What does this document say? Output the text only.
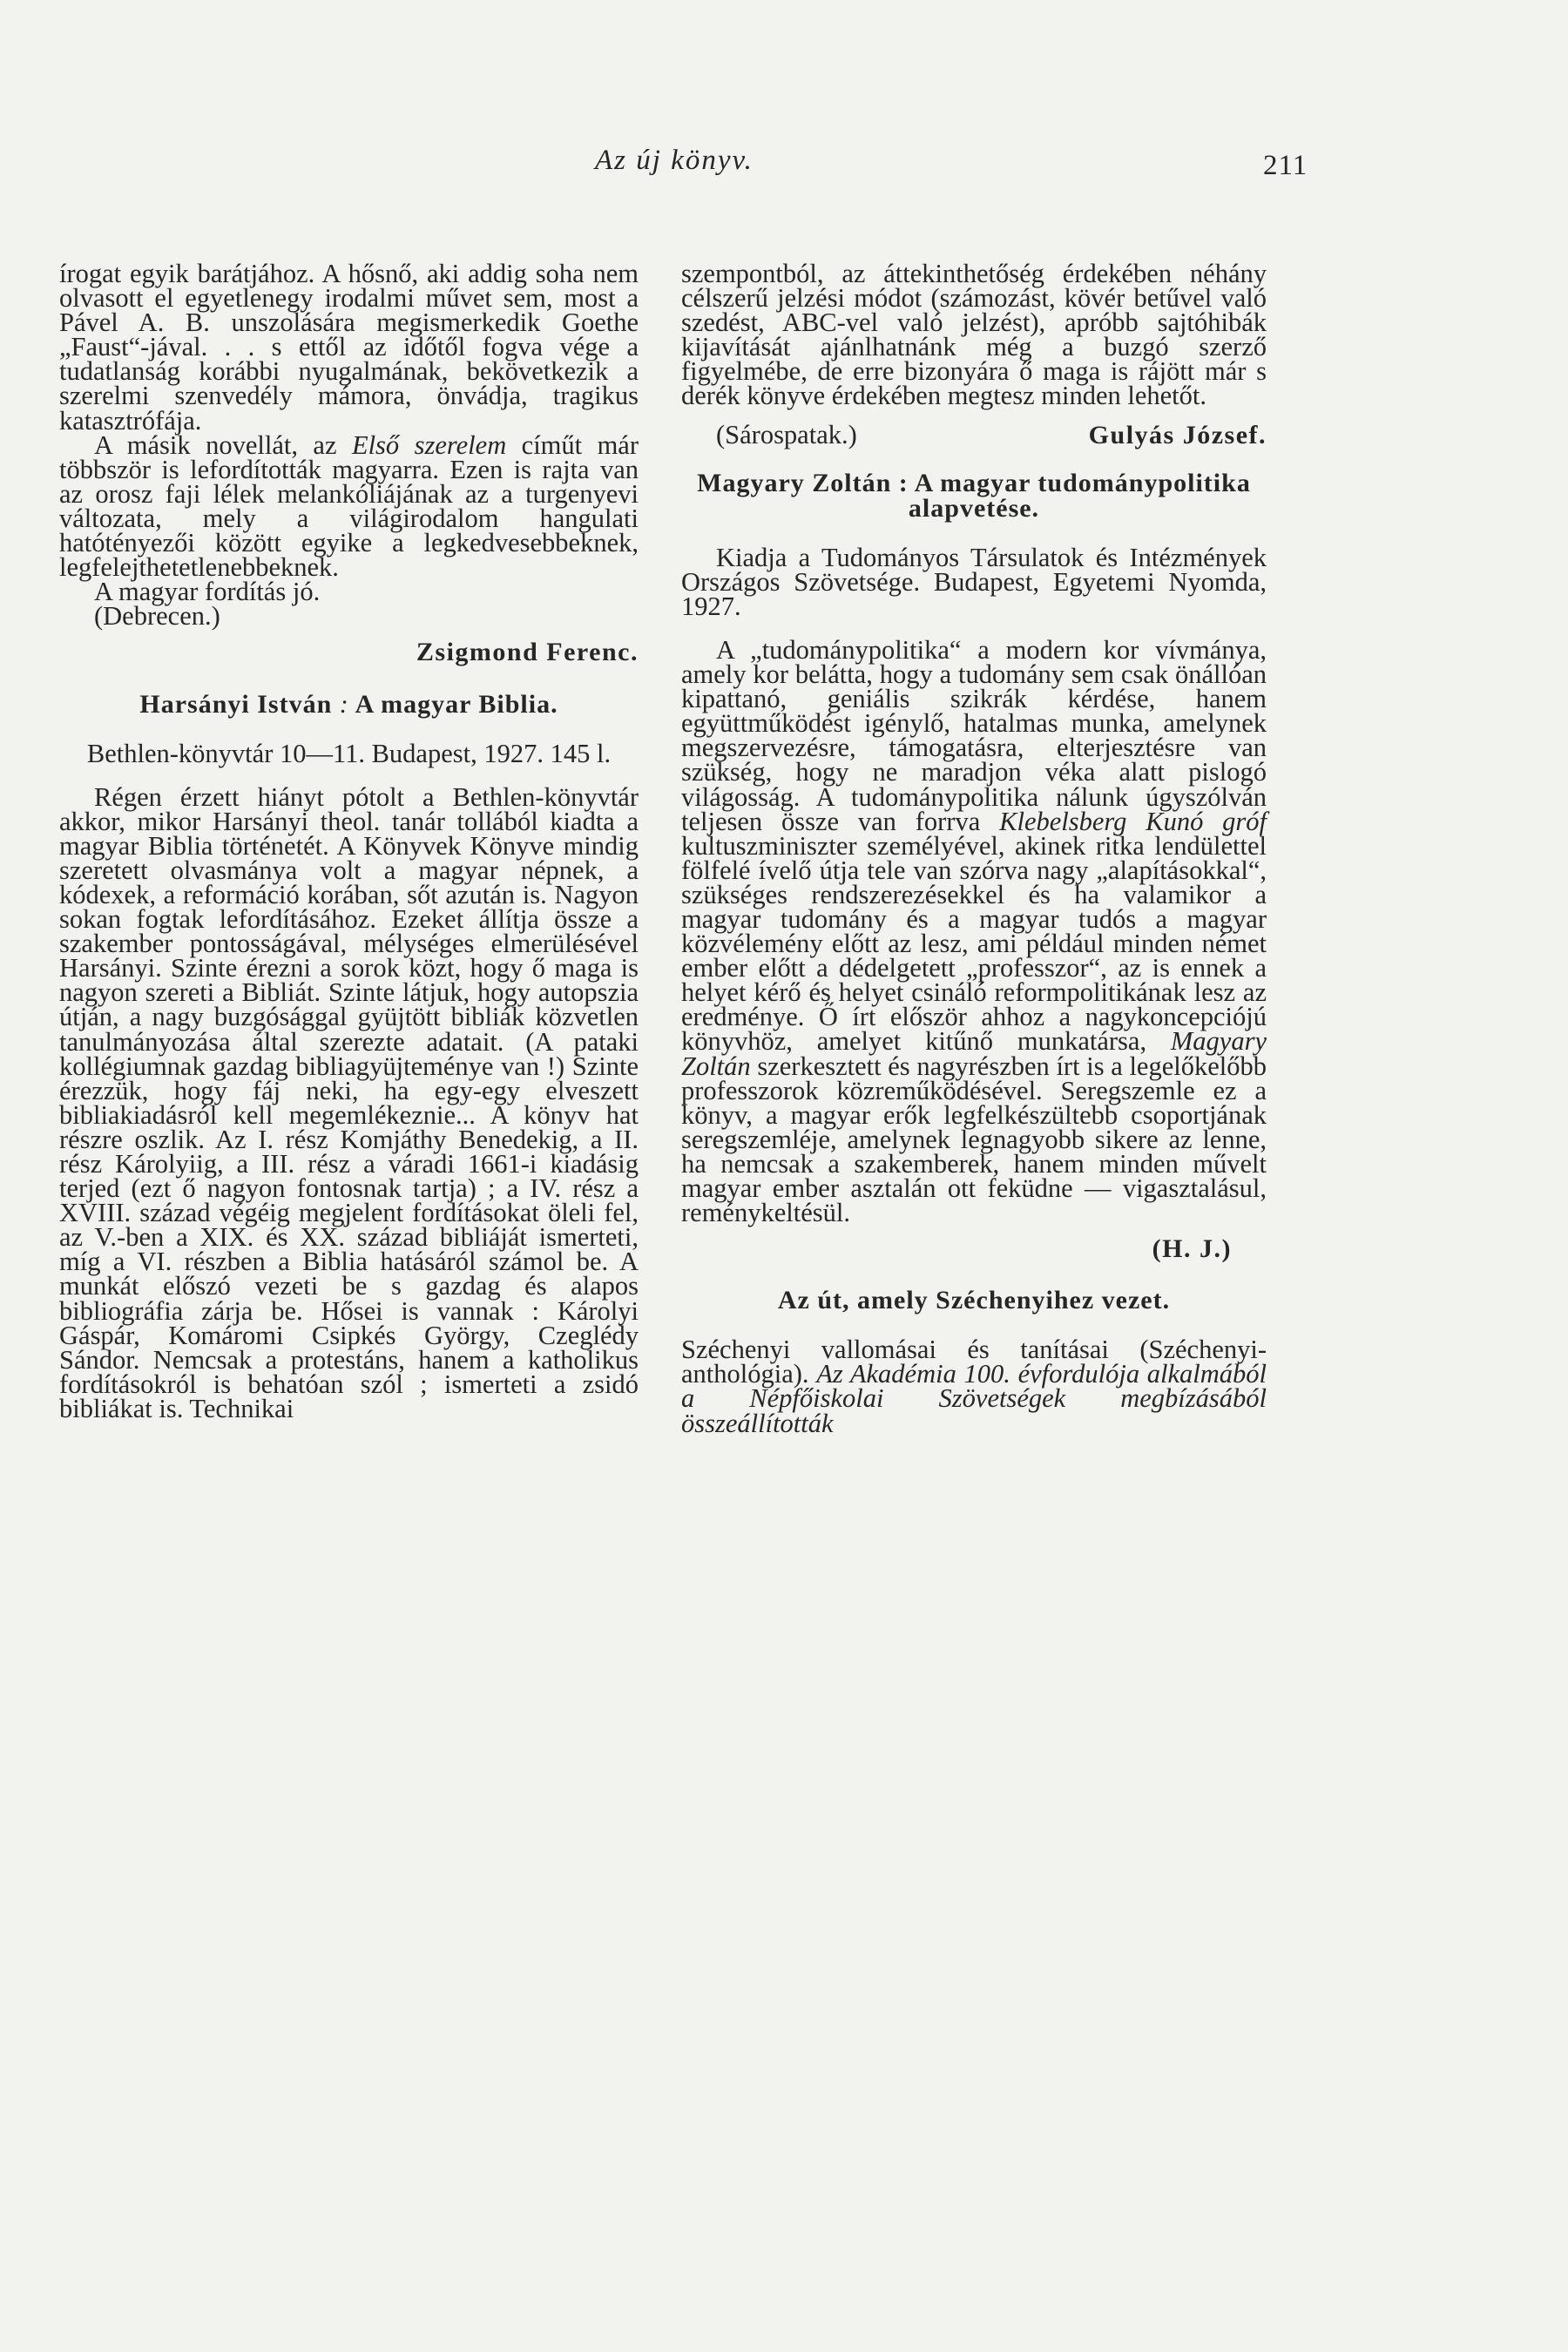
Az új könyv.	211

írogat egyik barátjához. A hősnő, aki addig soha nem olvasott el egyetlenegy irodalmi művet sem, most a Pável A. B. unszolására megismerkedik Goethe „Faust“-jával. . . s ettől az időtől fogva vége a tudatlanság korábbi nyugalmának, bekövetkezik a szerelmi szenvedély mámora, önvádja, tragikus katasztrófája.

A másik novellát, az Első szerelem címűt már többször is lefordították magyarra. Ezen is rajta van az orosz faji lélek melankóliájának az a turgenyevi változata, mely a világirodalom hangulati hatótényezői között egyike a legkedvesebbeknek, legfelejthetetlenebbeknek.

A magyar fordítás jó.

(Debrecen.)

Zsigmond Ferenc.
Harsányi István : A magyar Biblia.

Bethlen-könyvtár 10—11. Budapest, 1927. 145 l.

Régen érzett hiányt pótolt a Bethlen-könyvtár akkor, mikor Harsányi theol. tanár tollából kiadta a magyar Biblia történetét. A Könyvek Könyve mindig szeretett olvasmánya volt a magyar népnek, a kódexek, a reformáció korában, sőt azután is. Nagyon sokan fogtak lefordításához. Ezeket állítja össze a szakember pontosságával, mélységes elmerülésével Harsányi. Szinte érezni a sorok közt, hogy ő maga is nagyon szereti a Bibliát. Szinte látjuk, hogy autopszia útján, a nagy buzgósággal gyüjtött bibliák közvetlen tanulmányozása által szerezte adatait. (A pataki kollégiumnak gazdag bibliagyüjteménye van !) Szinte érezzük, hogy fáj neki, ha egy-egy elveszett bibliakiadásról kell megemlékeznie... A könyv hat részre oszlik. Az I. rész Komjáthy Benedekig, a II. rész Károlyiig, a III. rész a váradi 1661-i kiadásig terjed (ezt ő nagyon fontosnak tartja) ; a IV. rész a XVIII. század végéig megjelent fordításokat öleli fel, az V.-ben a XIX. és XX. század bibliáját ismerteti, míg a VI. részben a Biblia hatásáról számol be. A munkát előszó vezeti be s gazdag és alapos bibliográfia zárja be. Hősei is vannak : Károlyi Gáspár, Komáromi Csipkés György, Czeglédy Sándor. Nemcsak a protestáns, hanem a katholikus fordításokról is behatóan szól ; ismerteti a zsidó bibliákat is. Technikai

szempontból, az áttekinthetőség érdekében néhány célszerű jelzési módot (számozást, kövér betűvel való szedést, ABC-vel való jelzést), apróbb sajtóhibák kijavítását ajánlhatnánk még a buzgó szerző figyelmébe, de erre bizonyára ő maga is rájött már s derék könyve érdekében megtesz minden lehetőt.

(Sárospatak.)	Gulyás József.
Magyary Zoltán : A magyar tudománypolitika alapvetése.

Kiadja a Tudományos Társulatok és Intézmények Országos Szövetsége. Budapest, Egyetemi Nyomda, 1927.

A „tudománypolitika“ a modern kor vívmánya, amely kor belátta, hogy a tudomány sem csak önállóan kipattanó, geniális szikrák kérdése, hanem együttműködést igénylő, hatalmas munka, amelynek megszervezésre, támogatásra, elterjesztésre van szükség, hogy ne maradjon véka alatt pislogó világosság. A tudománypolitika nálunk úgyszólván teljesen össze van forrva Klebelsberg Kunó gróf kultuszminiszter személyével, akinek ritka lendülettel fölfelé ívelő útja tele van szórva nagy „alapításokkal“, szükséges rendszerezésekkel és ha valamikor a magyar tudomány és a magyar tudós a magyar közvélemény előtt az lesz, ami például minden német ember előtt a dédelgetett „professzor“, az is ennek a helyet kérő és helyet csináló reformpolitikának lesz az eredménye. Ő írt először ahhoz a nagykoncepciójú könyvhöz, amelyet kitűnő munkatársa, Magyary Zoltán szerkesztett és nagyrészben írt is a legelőkelőbb professzorok közreműködésével. Seregszemle ez a könyv, a magyar erők legfelkészültebb csoportjának seregszemléje, amelynek legnagyobb sikere az lenne, ha nemcsak a szakemberek, hanem minden művelt magyar ember asztalán ott feküdne — vigasztalásul, reménykeltésül.

(H. J.)
Az út, amely Széchenyihez vezet.

Széchenyi vallomásai és tanításai (Széchenyi-anthológia). Az Akadémia 100. évfordulója alkalmából a Népfőiskolai Szövetségek megbízásából összeállították
